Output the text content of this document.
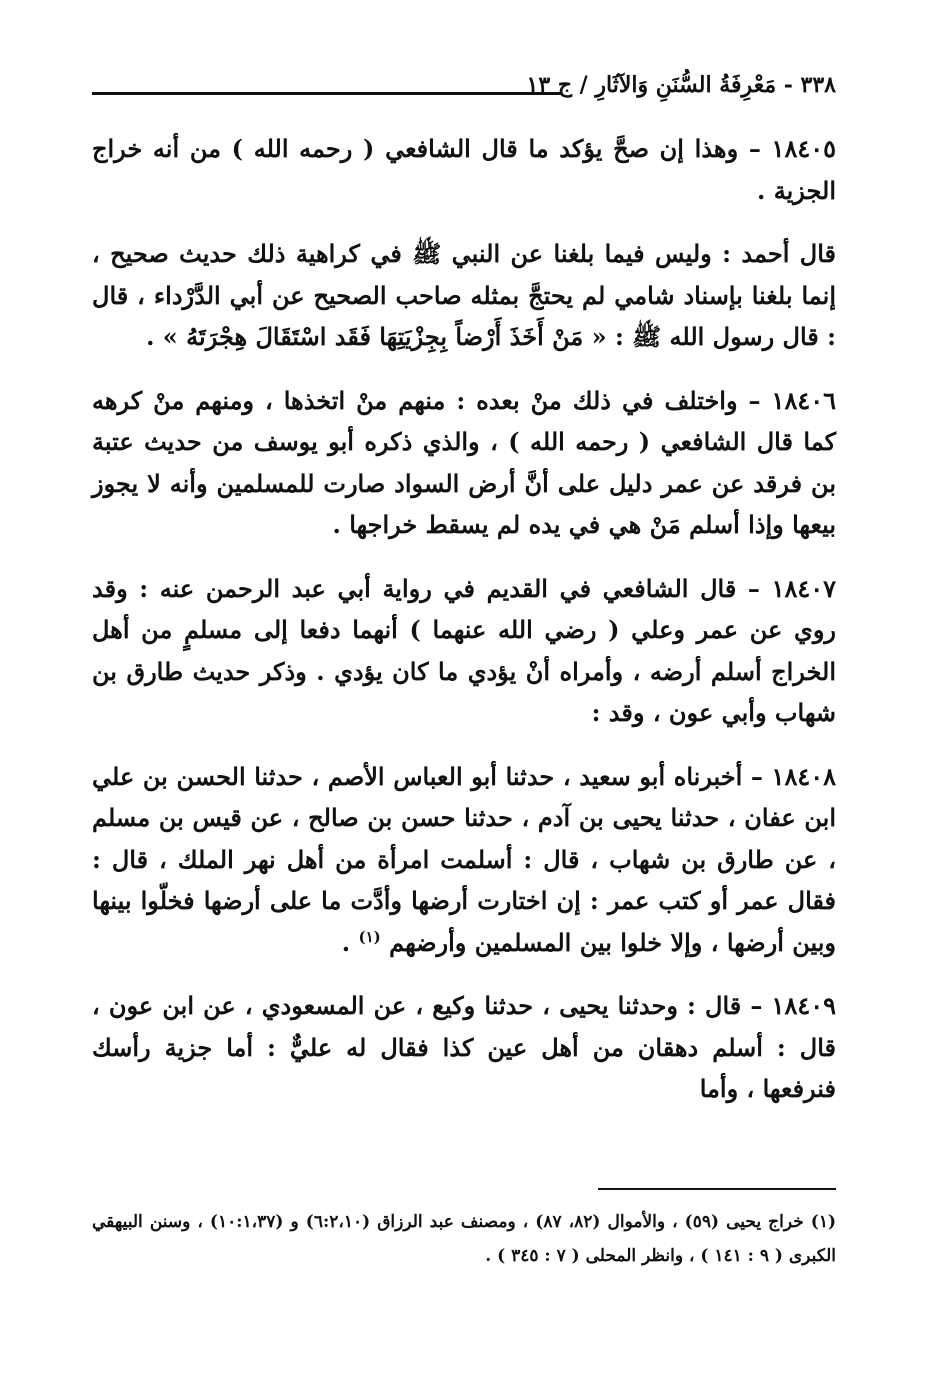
٣٣٨ - مَعْرِفَةُ السُّنَنِ وَالآثَارِ / ج ١٣

١٨٤٠٥ – وهذا إن صحَّ يؤكد ما قال الشافعي ( رحمه الله ) من أنه خراج الجزية .

قال أحمد : وليس فيما بلغنا عن النبي ﷺ في كراهية ذلك حديث صحيح ، إنما بلغنا بإسناد شامي لم يحتجَّ بمثله صاحب الصحيح عن أبي الدَّرْداء ، قال : قال رسول الله ﷺ : « مَنْ أَخَذَ أَرْضاً بِجِزْيَتِهَا فَقَد اسْتَقَالَ هِجْرَتَهُ » .

١٨٤٠٦ – واختلف في ذلك منْ بعده : منهم منْ اتخذها ، ومنهم منْ كرهه كما قال الشافعي ( رحمه الله ) ، والذي ذكره أبو يوسف من حديث عتبة بن فرقد عن عمر دليل على أنَّ أرض السواد صارت للمسلمين وأنه لا يجوز بيعها وإذا أسلم مَنْ هي في يده لم يسقط خراجها .

١٨٤٠٧ – قال الشافعي في القديم في رواية أبي عبد الرحمن عنه : وقد روي عن عمر وعلي ( رضي الله عنهما ) أنهما دفعا إلى مسلمٍ من أهل الخراج أسلم أرضه ، وأمراه أنْ يؤدي ما كان يؤدي . وذكر حديث طارق بن شهاب وأبي عون ، وقد :

١٨٤٠٨ – أخبرناه أبو سعيد ، حدثنا أبو العباس الأصم ، حدثنا الحسن بن علي ابن عفان ، حدثنا يحيى بن آدم ، حدثنا حسن بن صالح ، عن قيس بن مسلم ، عن طارق بن شهاب ، قال : أسلمت امرأة من أهل نهر الملك ، قال : فقال عمر أو كتب عمر : إن اختارت أرضها وأدَّت ما على أرضها فخلّوا بينها وبين أرضها ، وإلا خلوا بين المسلمين وأرضهم $^{(١)}$ .

١٨٤٠٩ – قال : وحدثنا يحيى ، حدثنا وكيع ، عن المسعودي ، عن ابن عون ، قال : أسلم دهقان من أهل عين كذا فقال له عليٌّ : أما جزية رأسك فنرفعها ، وأما

(١) خراج يحيى (٥٩) ، والأموال (٨٢، ٨٧) ، ومصنف عبد الرزاق (٦:٢،١٠) و (١٠:١،٣٧) ، وسنن البيهقي الكبرى ( ٩ : ١٤١ ) ، وانظر المحلى ( ٧ : ٣٤٥ ) .
